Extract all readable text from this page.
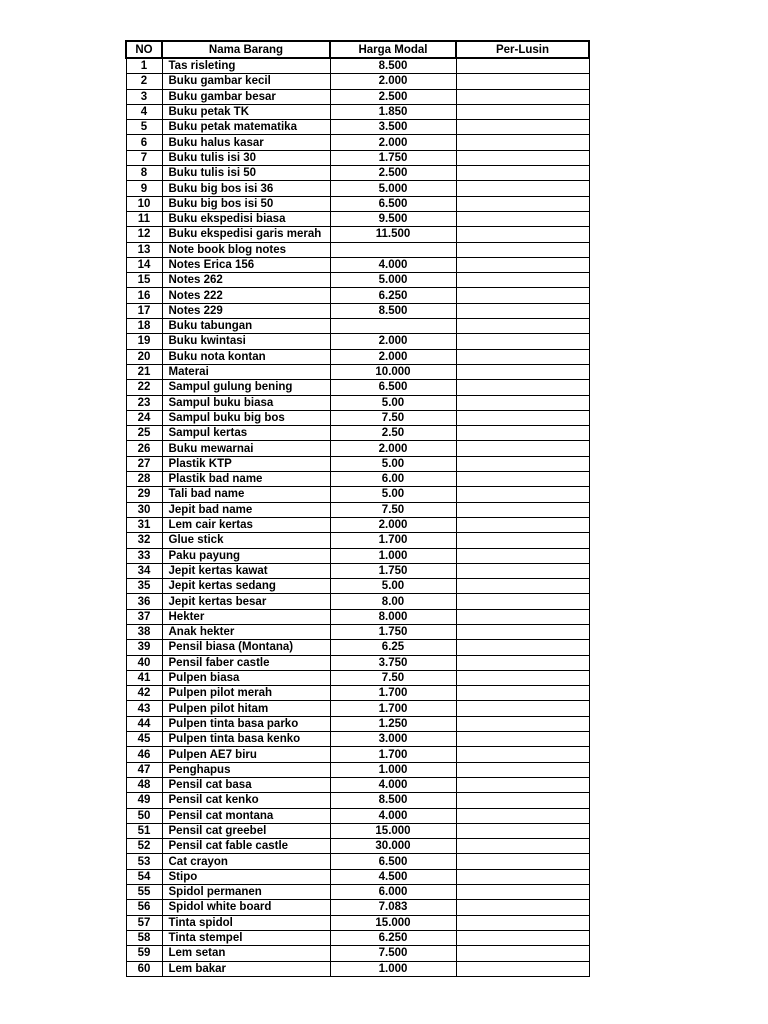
NO	Nama Barang	Harga Modal	Per-Lusin
1	Tas risleting	8.500	
2	Buku gambar kecil	2.000	
3	Buku gambar besar	2.500	
4	Buku petak TK	1.850	
5	Buku petak matematika	3.500	
6	Buku halus kasar	2.000	
7	Buku tulis isi 30	1.750	
8	Buku tulis isi 50	2.500	
9	Buku big bos isi 36	5.000	
10	Buku big bos isi 50	6.500	
11	Buku ekspedisi biasa	9.500	
12	Buku ekspedisi garis merah	11.500	
13	Note book blog notes		
14	Notes Erica 156	4.000	
15	Notes 262	5.000	
16	Notes 222	6.250	
17	Notes 229	8.500	
18	Buku tabungan		
19	Buku kwintasi	2.000	
20	Buku nota kontan	2.000	
21	Materai	10.000	
22	Sampul gulung bening	6.500	
23	Sampul buku biasa	5.00	
24	Sampul buku big bos	7.50	
25	Sampul kertas	2.50	
26	Buku mewarnai	2.000	
27	Plastik KTP	5.00	
28	Plastik bad name	6.00	
29	Tali bad name	5.00	
30	Jepit bad name	7.50	
31	Lem cair kertas	2.000	
32	Glue stick	1.700	
33	Paku payung	1.000	
34	Jepit kertas kawat	1.750	
35	Jepit kertas sedang	5.00	
36	Jepit kertas besar	8.00	
37	Hekter	8.000	
38	Anak hekter	1.750	
39	Pensil biasa (Montana)	6.25	
40	Pensil faber castle	3.750	
41	Pulpen biasa	7.50	
42	Pulpen pilot merah	1.700	
43	Pulpen pilot hitam	1.700	
44	Pulpen tinta basa parko	1.250	
45	Pulpen tinta basa kenko	3.000	
46	Pulpen AE7 biru	1.700	
47	Penghapus	1.000	
48	Pensil cat basa	4.000	
49	Pensil cat kenko	8.500	
50	Pensil cat montana	4.000	
51	Pensil cat greebel	15.000	
52	Pensil cat fable castle	30.000	
53	Cat crayon	6.500	
54	Stipo	4.500	
55	Spidol permanen	6.000	
56	Spidol white board	7.083	
57	Tinta spidol	15.000	
58	Tinta stempel	6.250	
59	Lem setan	7.500	
60	Lem bakar	1.000	
